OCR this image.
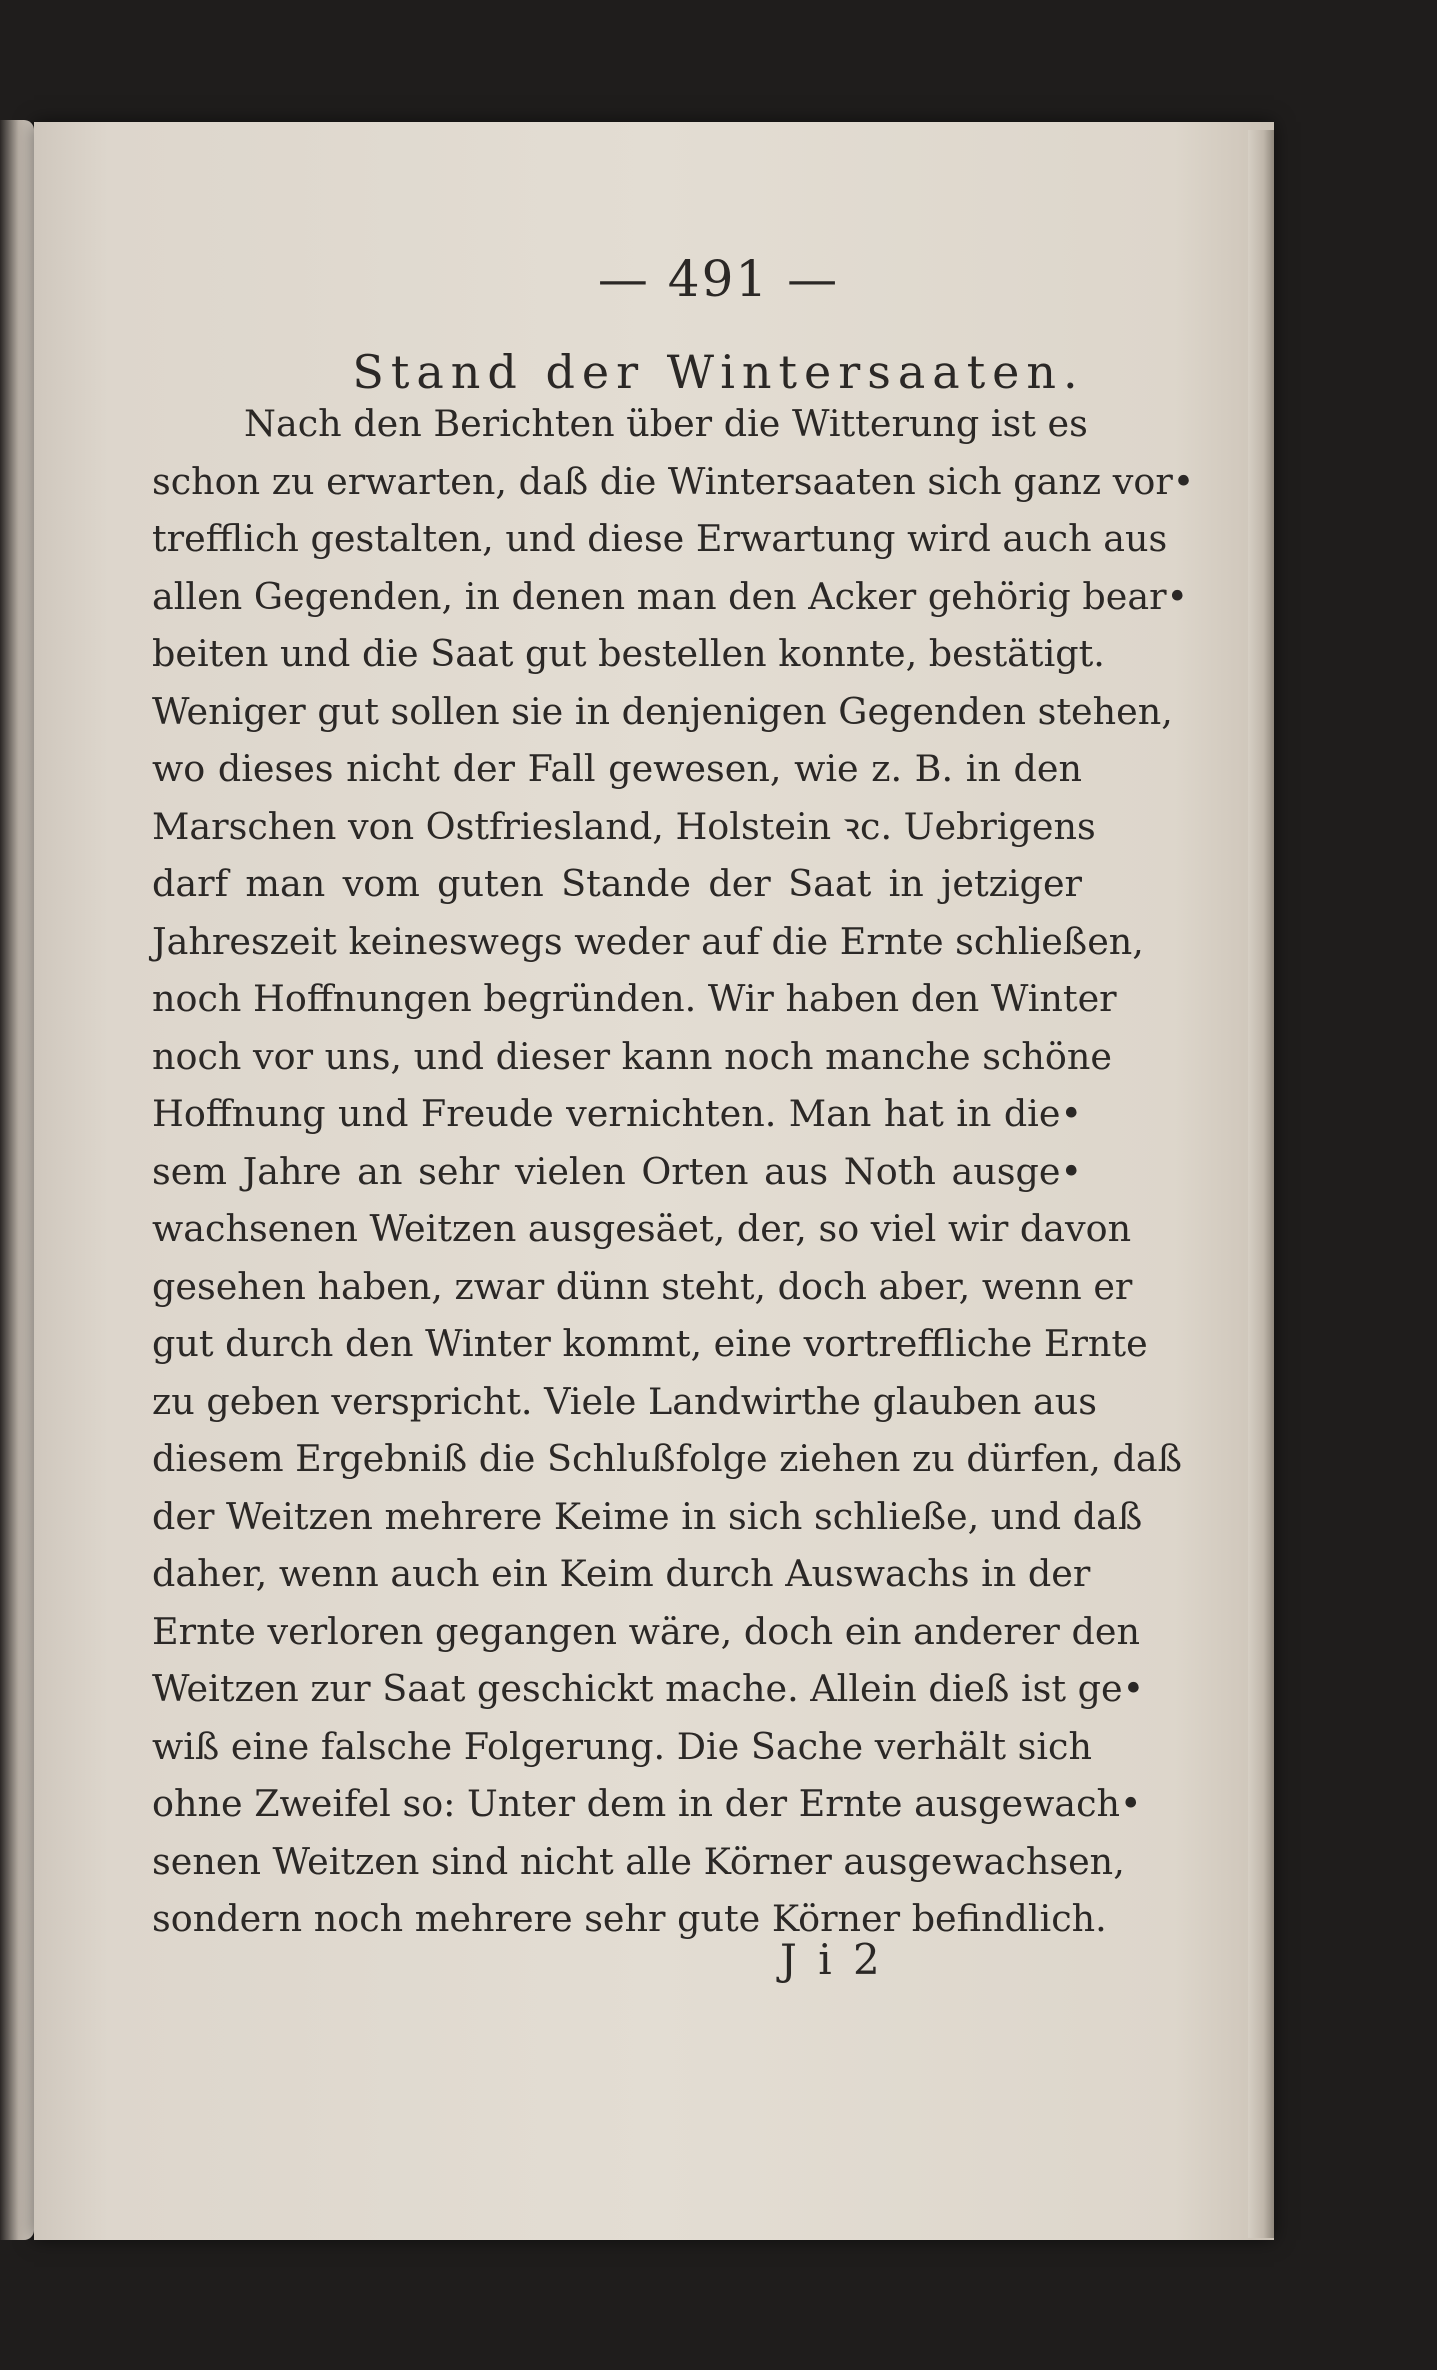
— 491 —
Stand der Wintersaaten.
Nach den Berichten über die Witterung ist es
schon zu erwarten, daß die Wintersaaten sich ganz vor•
trefflich gestalten, und diese Erwartung wird auch aus
allen Gegenden, in denen man den Acker gehörig bear•
beiten und die Saat gut bestellen konnte, bestätigt.
Weniger gut sollen sie in denjenigen Gegenden stehen,
wo dieses nicht der Fall gewesen, wie z. B. in den
Marschen von Ostfriesland, Holstein ꝛc. Uebrigens
darf man vom guten Stande der Saat in jetziger
Jahreszeit keineswegs weder auf die Ernte schließen,
noch Hoffnungen begründen. Wir haben den Winter
noch vor uns, und dieser kann noch manche schöne
Hoffnung und Freude vernichten. Man hat in die•
sem Jahre an sehr vielen Orten aus Noth ausge•
wachsenen Weitzen ausgesäet, der, so viel wir davon
gesehen haben, zwar dünn steht, doch aber, wenn er
gut durch den Winter kommt, eine vortreffliche Ernte
zu geben verspricht. Viele Landwirthe glauben aus
diesem Ergebniß die Schlußfolge ziehen zu dürfen, daß
der Weitzen mehrere Keime in sich schließe, und daß
daher, wenn auch ein Keim durch Auswachs in der
Ernte verloren gegangen wäre, doch ein anderer den
Weitzen zur Saat geschickt mache. Allein dieß ist ge•
wiß eine falsche Folgerung. Die Sache verhält sich
ohne Zweifel so: Unter dem in der Ernte ausgewach•
senen Weitzen sind nicht alle Körner ausgewachsen,
sondern noch mehrere sehr gute Körner befindlich.
J i 2
